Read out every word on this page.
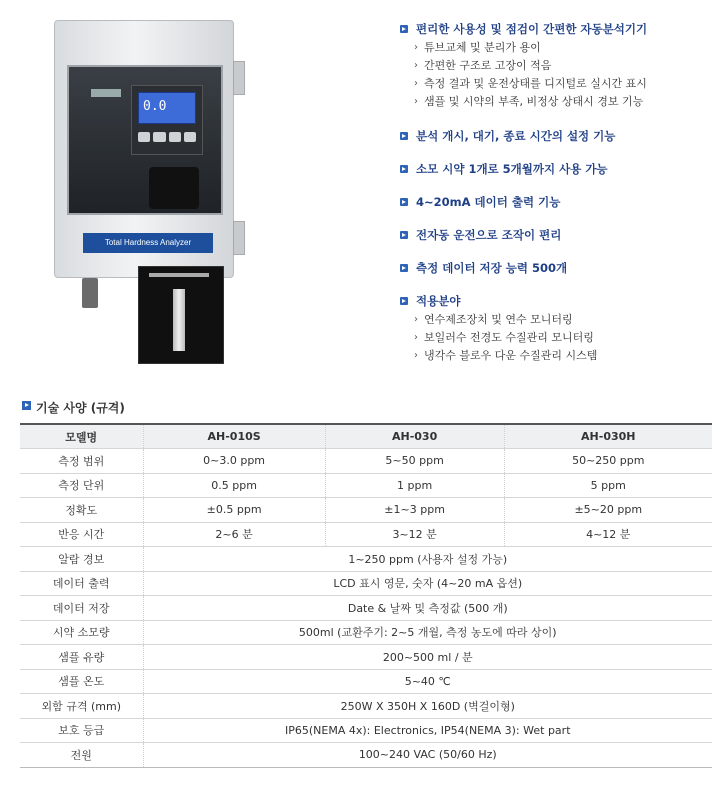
0.0
Total Hardness Analyzer
편리한 사용성 및 점검이 간편한 자동분석기기
› 튜브교체 및 분리가 용이
› 간편한 구조로 고장이 적음
› 측정 결과 및 운전상태를 디지털로 실시간 표시
› 샘플 및 시약의 부족, 비정상 상태시 경보 기능
분석 개시, 대기, 종료 시간의 설정 기능
소모 시약 1개로 5개월까지 사용 가능
4~20mA 데이터 출력 기능
전자동 운전으로 조작이 편리
측정 데이터 저장 능력 500개
적용분야
› 연수제조장치 및 연수 모니터링
› 보일러수 전경도 수질관리 모니터링
› 냉각수 블로우 다운 수질관리 시스템
기술 사양 (규격)
모델명	AH-010S	AH-030	AH-030H
측정 범위	0~3.0 ppm	5~50 ppm	50~250 ppm
측정 단위	0.5 ppm	1 ppm	5 ppm
정확도	±0.5 ppm	±1~3 ppm	±5~20 ppm
반응 시간	2~6 분	3~12 분	4~12 분
알람 경보	1~250 ppm (사용자 설정 가능)		
데이터 출력	LCD 표시 영문, 숫자 (4~20 mA 옵션)		
데이터 저장	Date & 날짜 및 측정값 (500 개)		
시약 소모량	500ml (교환주기: 2~5 개월, 측정 농도에 따라 상이)		
샘플 유량	200~500 ml / 분		
샘플 온도	5~40 ℃		
외함 규격 (mm)	250W X 350H X 160D (벽걸이형)		
보호 등급	IP65(NEMA 4x): Electronics, IP54(NEMA 3): Wet part		
전원	100~240 VAC (50/60 Hz)		
